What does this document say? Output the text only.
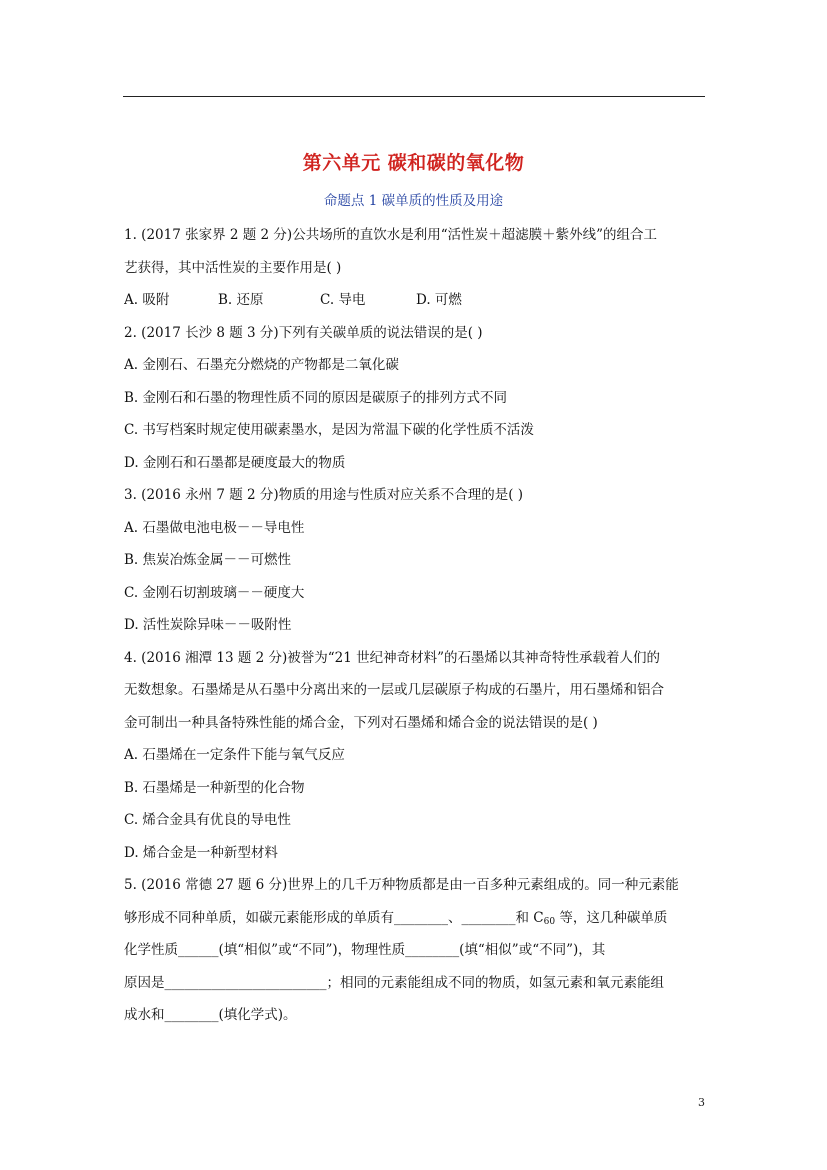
第六单元 碳和碳的氧化物
命题点 1 碳单质的性质及用途
1. (2017 张家界 2 题 2 分)公共场所的直饮水是利用“活性炭＋超滤膜＋紫外线”的组合工
艺获得，其中活性炭的主要作用是( )
A. 吸附	B. 还原	C. 导电	D. 可燃
2. (2017 长沙 8 题 3 分)下列有关碳单质的说法错误的是( )
A. 金刚石、石墨充分燃烧的产物都是二氧化碳
B. 金刚石和石墨的物理性质不同的原因是碳原子的排列方式不同
C. 书写档案时规定使用碳素墨水，是因为常温下碳的化学性质不活泼
D. 金刚石和石墨都是硬度最大的物质
3. (2016 永州 7 题 2 分)物质的用途与性质对应关系不合理的是( )
A. 石墨做电池电极－－导电性
B. 焦炭冶炼金属－－可燃性
C. 金刚石切割玻璃－－硬度大
D. 活性炭除异味－－吸附性
4. (2016 湘潭 13 题 2 分)被誉为“21 世纪神奇材料”的石墨烯以其神奇特性承载着人们的
无数想象。石墨烯是从石墨中分离出来的一层或几层碳原子构成的石墨片，用石墨烯和铝合
金可制出一种具备特殊性能的烯合金，下列对石墨烯和烯合金的说法错误的是( )
A. 石墨烯在一定条件下能与氧气反应
B. 石墨烯是一种新型的化合物
C. 烯合金具有优良的导电性
D. 烯合金是一种新型材料
5. (2016 常德 27 题 6 分)世界上的几千万种物质都是由一百多种元素组成的。同一种元素能
够形成不同种单质，如碳元素能形成的单质有________、________和 $C_{60}$ 等，这几种碳单质
化学性质______(填“相似”或“不同”)，物理性质________(填“相似”或“不同”)，其
原因是________________________；相同的元素能组成不同的物质，如氢元素和氧元素能组
成水和________(填化学式)。
3
